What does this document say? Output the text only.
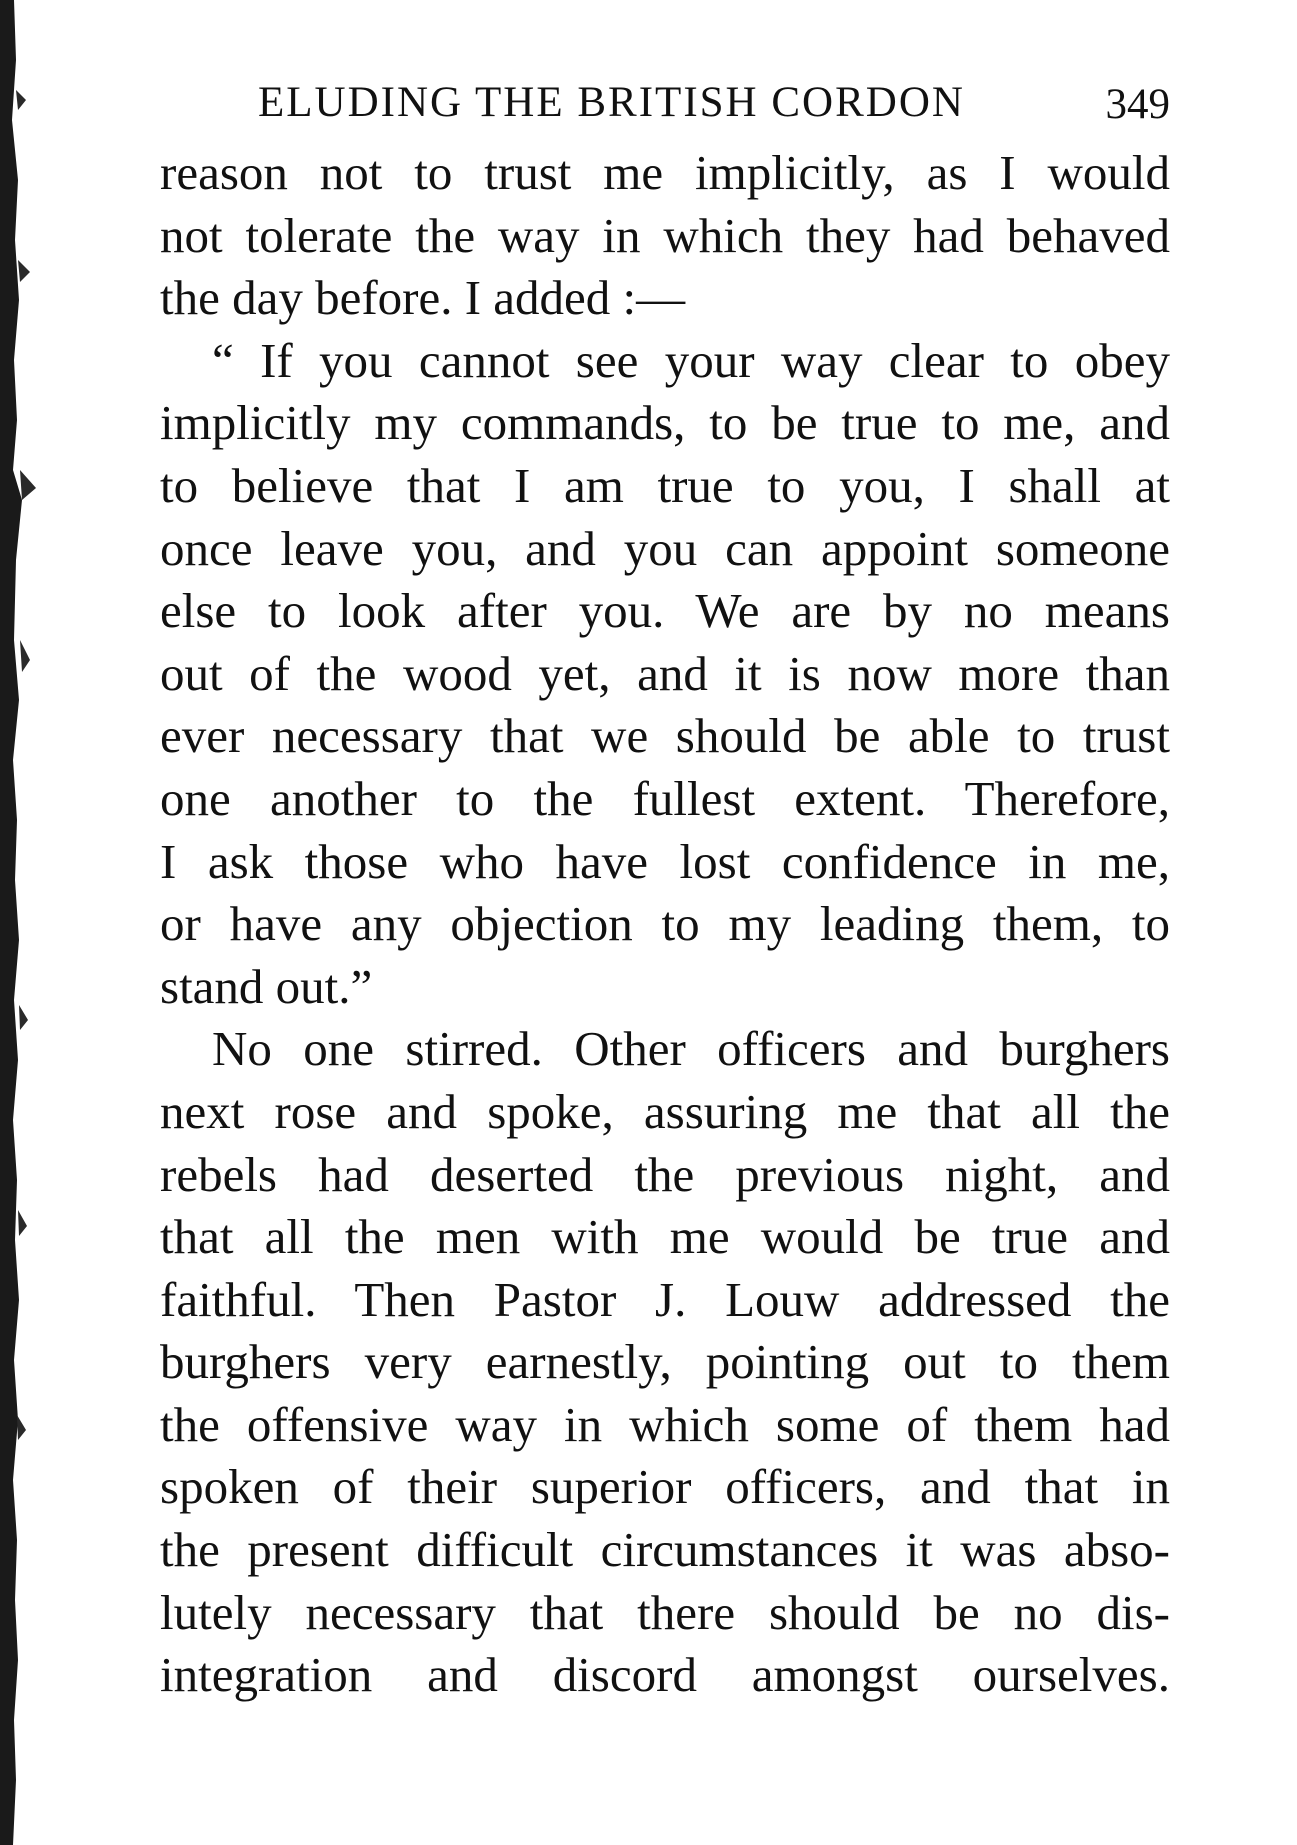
ELUDING THE BRITISH CORDON	349
reason not to trust me implicitly, as I would
not tolerate the way in which they had behaved
the day before. I added :—
“ If you cannot see your way clear to obey
implicitly my commands, to be true to me, and
to believe that I am true to you, I shall at
once leave you, and you can appoint someone
else to look after you. We are by no means
out of the wood yet, and it is now more than
ever necessary that we should be able to trust
one another to the fullest extent. Therefore,
I ask those who have lost confidence in me,
or have any objection to my leading them, to
stand out.”
No one stirred. Other officers and burghers
next rose and spoke, assuring me that all the
rebels had deserted the previous night, and
that all the men with me would be true and
faithful. Then Pastor J. Louw addressed the
burghers very earnestly, pointing out to them
the offensive way in which some of them had
spoken of their superior officers, and that in
the present difficult circumstances it was abso-
lutely necessary that there should be no dis-
integration and discord amongst ourselves.
